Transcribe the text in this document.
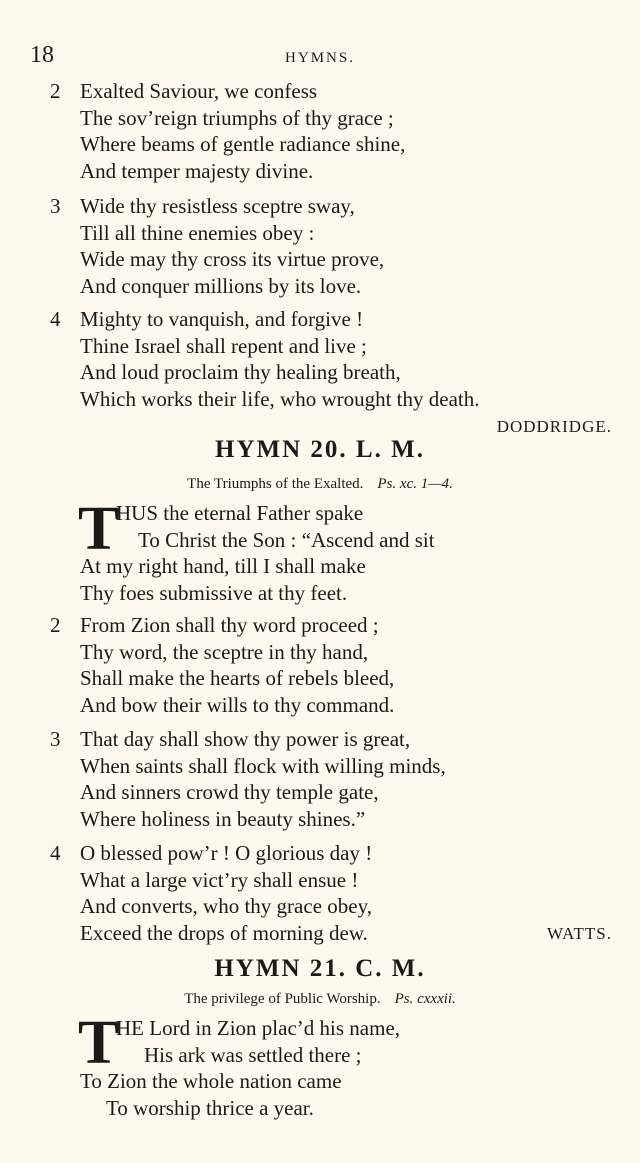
18	HYMNS.
2 Exalted Saviour, we confess
The sov’reign triumphs of thy grace ;
Where beams of gentle radiance shine,
And temper majesty divine.
3 Wide thy resistless sceptre sway,
Till all thine enemies obey :
Wide may thy cross its virtue prove,
And conquer millions by its love.
4 Mighty to vanquish, and forgive !
Thine Israel shall repent and live ;
And loud proclaim thy healing breath,
Which works their life, who wrought thy death.
DODDRIDGE.
HYMN 20. L. M.
The Triumphs of the Exalted. Ps. xc. 1—4.
T
HUS the eternal Father spake
To Christ the Son : “Ascend and sit
At my right hand, till I shall make
Thy foes submissive at thy feet.
2 From Zion shall thy word proceed ;
Thy word, the sceptre in thy hand,
Shall make the hearts of rebels bleed,
And bow their wills to thy command.
3 That day shall show thy power is great,
When saints shall flock with willing minds,
And sinners crowd thy temple gate,
Where holiness in beauty shines.”
4 O blessed pow’r ! O glorious day !
What a large vict’ry shall ensue !
And converts, who thy grace obey,
Exceed the drops of morning dew.	WATTS.
HYMN 21. C. M.
The privilege of Public Worship. Ps. cxxxii.
T
HE Lord in Zion plac’d his name,
His ark was settled there ;
To Zion the whole nation came
To worship thrice a year.
